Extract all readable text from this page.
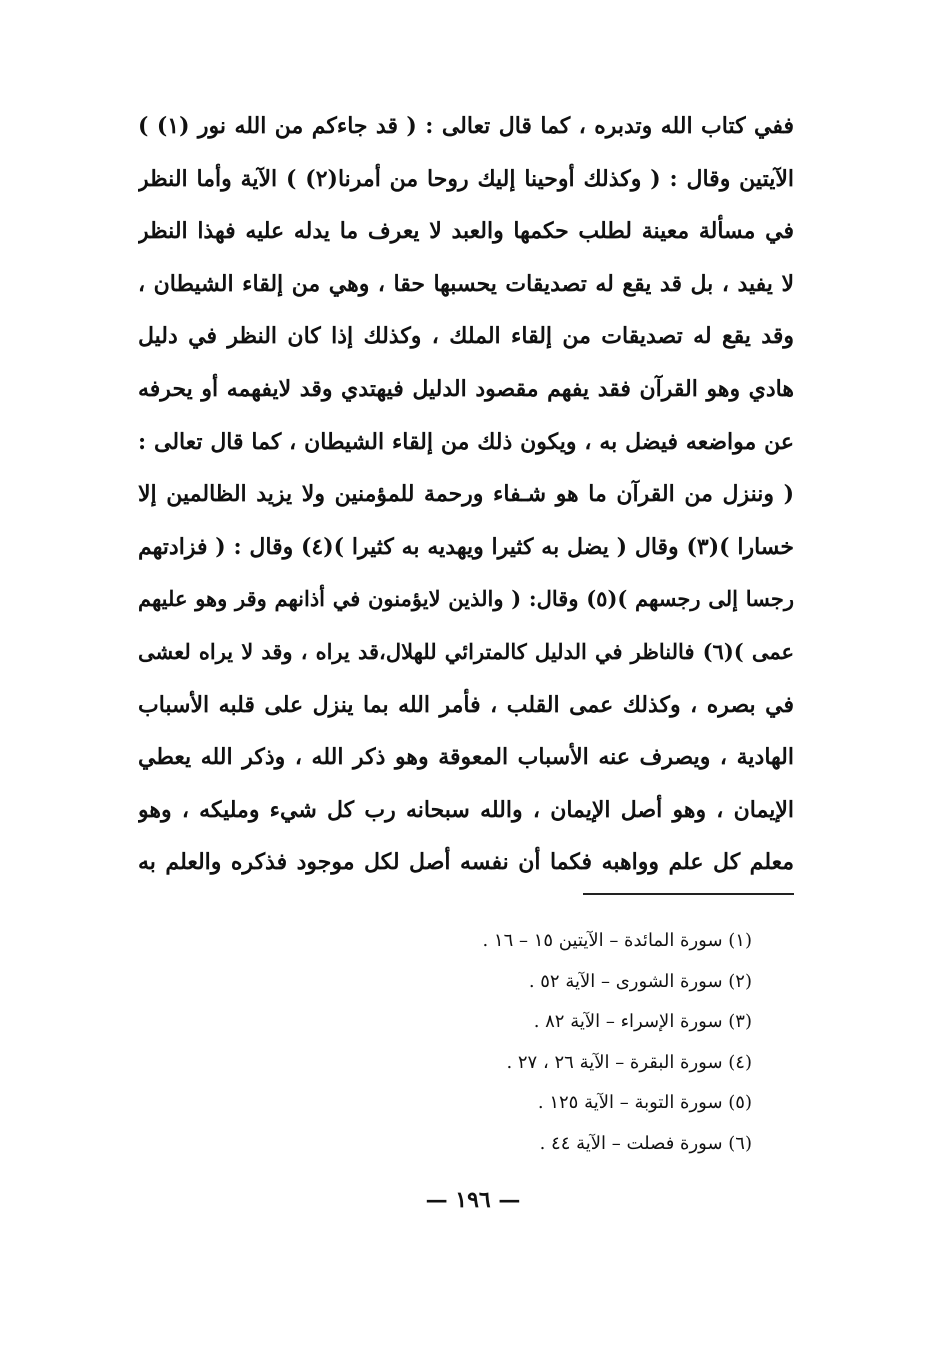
ففي كتاب الله وتدبره ، كما قال تعالى : ( قد جاءكم من الله نور (١) )
الآيتين وقال : ( وكذلك أوحينا إليك روحا من أمرنا(٢) ) الآية وأما النظر
في مسألة معينة لطلب حكمها والعبد لا يعرف ما يدله عليه فهذا النظر
لا يفيد ، بل قد يقع له تصديقات يحسبها حقا ، وهي من إلقاء الشيطان ،
وقد يقع له تصديقات من إلقاء الملك ، وكذلك إذا كان النظر في دليل
هادي وهو القرآن فقد يفهم مقصود الدليل فيهتدي وقد لايفهمه أو يحرفه
عن مواضعه فيضل به ، ويكون ذلك من إلقاء الشيطان ، كما قال تعالى :
( وننزل من القرآن ما هو شـفاء ورحمة للمؤمنين ولا يزيد الظالمين إلا
خسارا )(٣) وقال ( يضل به كثيرا ويهديه به كثيرا )(٤) وقال : ( فزادتهم
رجسا إلى رجسهم )(٥) وقال: ( والذين لايؤمنون في أذانهم وقر وهو عليهم
عمى )(٦) فالناظر في الدليل كالمترائي للهلال،قد يراه ، وقد لا يراه لعشى
في بصره ، وكذلك عمى القلب ، فأمر الله بما ينزل على قلبه الأسباب
الهادية ، ويصرف عنه الأسباب المعوقة وهو ذكر الله ، وذكر الله يعطي
الإيمان ، وهو أصل الإيمان ، والله سبحانه رب كل شيء ومليكه ، وهو
معلم كل علم وواهبه فكما أن نفسه أصل لكل موجود فذكره والعلم به
(١) سورة المائدة – الآيتين ١٥ – ١٦ .
(٢) سورة الشورى – الآية ٥٢ .
(٣) سورة الإسراء – الآية ٨٢ .
(٤) سورة البقرة – الآية ٢٦ ، ٢٧ .
(٥) سورة التوبة – الآية ١٢٥ .
(٦) سورة فصلت – الآية ٤٤ .
— ١٩٦ —
